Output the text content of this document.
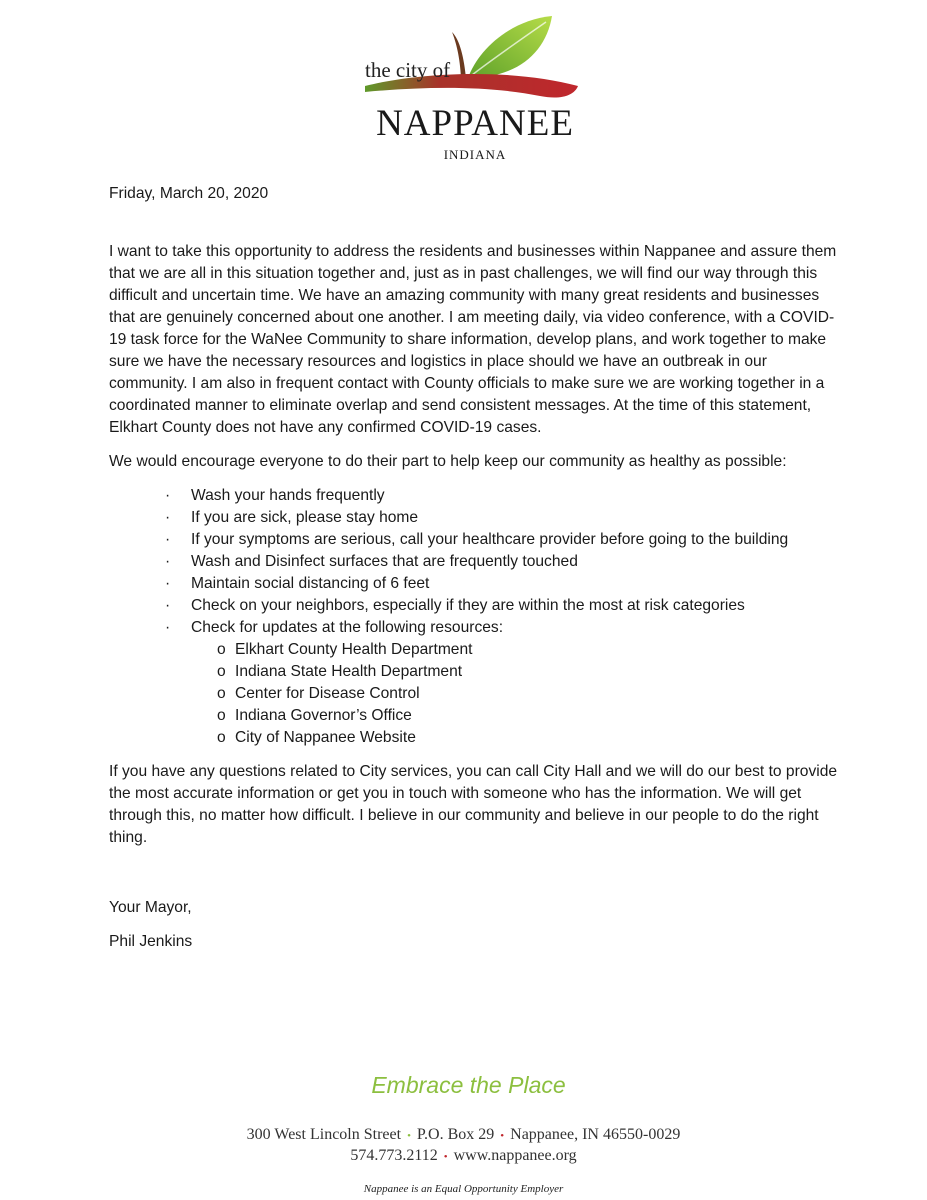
the city of
NAPPANEE
INDIANA
Friday, March 20, 2020

I want to take this opportunity to address the residents and businesses within Nappanee and assure them that we are all in this situation together and, just as in past challenges, we will find our way through this difficult and uncertain time. We have an amazing community with many great residents and businesses that are genuinely concerned about one another. I am meeting daily, via video conference, with a COVID-19 task force for the WaNee Community to share information, develop plans, and work together to make sure we have the necessary resources and logistics in place should we have an outbreak in our community. I am also in frequent contact with County officials to make sure we are working together in a coordinated manner to eliminate overlap and send consistent messages. At the time of this statement, Elkhart County does not have any confirmed COVID-19 cases.

We would encourage everyone to do their part to help keep our community as healthy as possible:

· Wash your hands frequently
· If you are sick, please stay home
· If your symptoms are serious, call your healthcare provider before going to the building
· Wash and Disinfect surfaces that are frequently touched
· Maintain social distancing of 6 feet
· Check on your neighbors, especially if they are within the most at risk categories
· Check for updates at the following resources:
o Elkhart County Health Department
o Indiana State Health Department
o Center for Disease Control
o Indiana Governor’s Office
o City of Nappanee Website

If you have any questions related to City services, you can call City Hall and we will do our best to provide the most accurate information or get you in touch with someone who has the information. We will get through this, no matter how difficult. I believe in our community and believe in our people to do the right thing.

Your Mayor,
Phil Jenkins
Embrace the Place
300 West Lincoln Street • P.O. Box 29 • Nappanee, IN 46550-0029
574.773.2112 • www.nappanee.org
Nappanee is an Equal Opportunity Employer
